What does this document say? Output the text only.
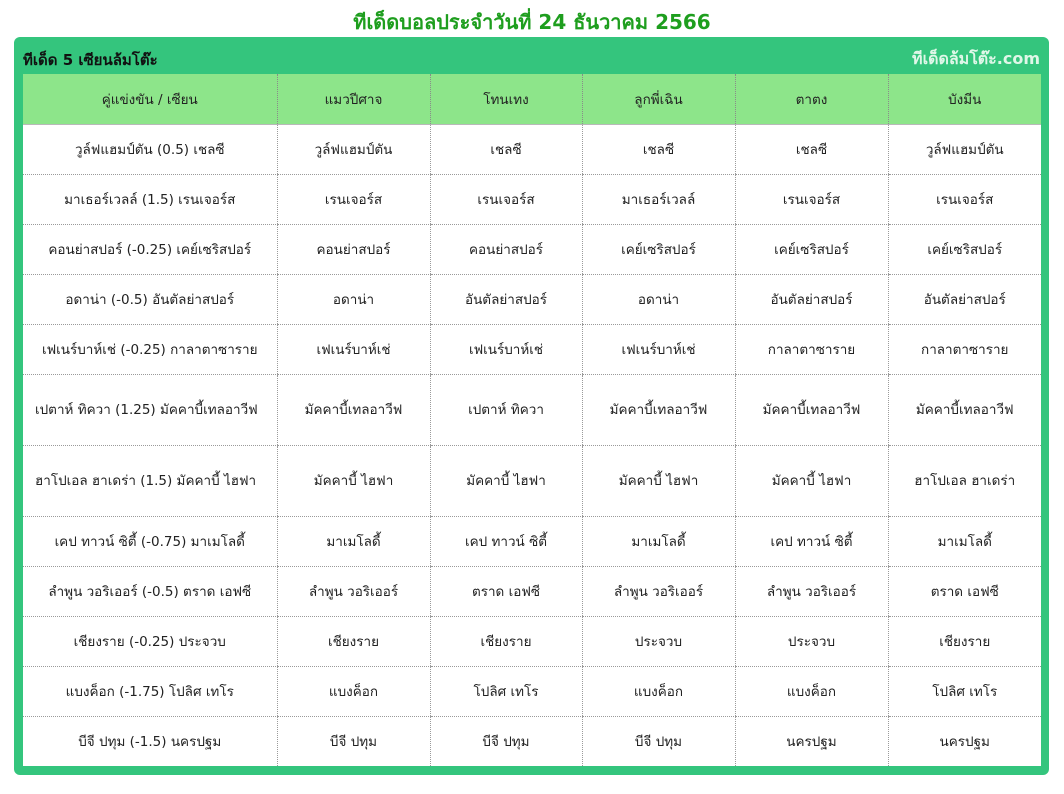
ทีเด็ดบอลประจำวันที่ 24 ธันวาคม 2566
ทีเด็ด 5 เซียนล้มโต๊ะ	ทีเด็ดล้มโต๊ะ.com
คู่แข่งขัน / เซียน	แมวปีศาจ	โทนเทง	ลูกพี่เฉิน	ตาตง	บังมีน
วูล์ฟแฮมป์ตัน (0.5) เชลซี	วูล์ฟแฮมป์ตัน	เชลซี	เชลซี	เชลซี	วูล์ฟแฮมป์ตัน
มาเธอร์เวลล์ (1.5) เรนเจอร์ส	เรนเจอร์ส	เรนเจอร์ส	มาเธอร์เวลล์	เรนเจอร์ส	เรนเจอร์ส
คอนย่าสปอร์ (-0.25) เคย์เซริสปอร์	คอนย่าสปอร์	คอนย่าสปอร์	เคย์เซริสปอร์	เคย์เซริสปอร์	เคย์เซริสปอร์
อดาน่า (-0.5) อันตัลย่าสปอร์	อดาน่า	อันตัลย่าสปอร์	อดาน่า	อันตัลย่าสปอร์	อันตัลย่าสปอร์
เฟเนร์บาห์เช่ (-0.25) กาลาตาซาราย	เฟเนร์บาห์เช่	เฟเนร์บาห์เช่	เฟเนร์บาห์เช่	กาลาตาซาราย	กาลาตาซาราย
เปตาห์ ทิควา (1.25) มัคคาบี้เทลอาวีฟ	มัคคาบี้เทลอาวีฟ	เปตาห์ ทิควา	มัคคาบี้เทลอาวีฟ	มัคคาบี้เทลอาวีฟ	มัคคาบี้เทลอาวีฟ
ฮาโปเอล ฮาเดร่า (1.5) มัคคาบี้ ไฮฟา	มัคคาบี้ ไฮฟา	มัคคาบี้ ไฮฟา	มัคคาบี้ ไฮฟา	มัคคาบี้ ไฮฟา	ฮาโปเอล ฮาเดร่า
เคป ทาวน์ ซิตี้ (-0.75) มาเมโลดี้	มาเมโลดี้	เคป ทาวน์ ซิตี้	มาเมโลดี้	เคป ทาวน์ ซิตี้	มาเมโลดี้
ลำพูน วอริเออร์ (-0.5) ตราด เอฟซี	ลำพูน วอริเออร์	ตราด เอฟซี	ลำพูน วอริเออร์	ลำพูน วอริเออร์	ตราด เอฟซี
เชียงราย (-0.25) ประจวบ	เชียงราย	เชียงราย	ประจวบ	ประจวบ	เชียงราย
แบงค็อก (-1.75) โปลิศ เทโร	แบงค็อก	โปลิศ เทโร	แบงค็อก	แบงค็อก	โปลิศ เทโร
บีจี ปทุม (-1.5) นครปฐม	บีจี ปทุม	บีจี ปทุม	บีจี ปทุม	นครปฐม	นครปฐม
